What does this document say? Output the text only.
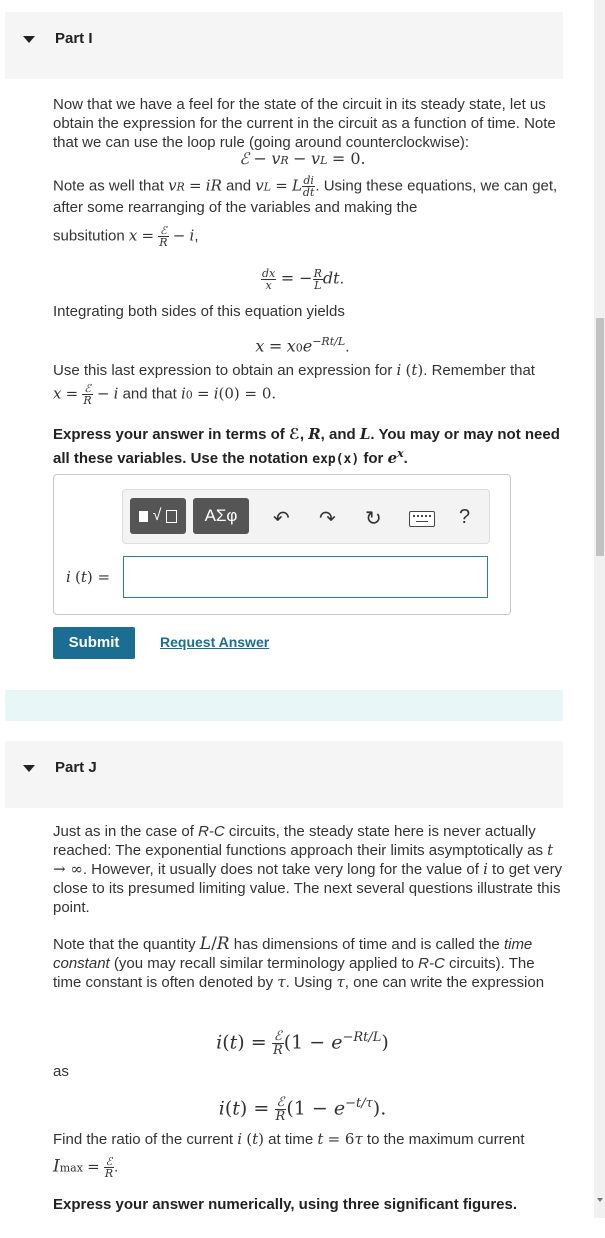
Part I
Now that we have a feel for the state of the circuit in its steady state, let us obtain the expression for the current in the circuit as a function of time. Note that we can use the loop rule (going around counterclockwise):
ℰ − vR − vL = 0.
Note as well that vR = iR and vL = L $\frac{di}{dt}$ . Using these equations, we can get, after some rearranging of the variables and making the
subsitution $x = \frac{\text{ℰ}}{R} - i$,
$\frac{dx}{x}$ = − $\frac{R}{L}$ dt.
Integrating both sides of this equation yields
$x = x0e^{-Rt/L}$.
Use this last expression to obtain an expression for i (t). Remember that
$x = \frac{\text{ℰ}}{R} - i$ and that i0 = i(0) = 0.
Express your answer in terms of ℰ, R, and L. You may or may not need all these variables. Use the notation exp(x) for $e^x$.
√	ΑΣφ	↶ ↷ ↻	?
i (t) =
Submit	Request Answer
Part J
Just as in the case of R-C circuits, the steady state here is never actually reached: The exponential functions approach their limits asymptotically as t → ∞. However, it usually does not take very long for the value of i to get very close to its presumed limiting value. The next several questions illustrate this point.
Note that the quantity L/R has dimensions of time and is called the time constant (you may recall similar terminology applied to R-C circuits). The time constant is often denoted by τ. Using τ, one can write the expression
$i(t) = \frac{\text{ℰ}}{R} (1 - e^{-Rt/L})$
as
$i(t) = \frac{\text{ℰ}}{R} (1 - e^{-t/\tau})$.
Find the ratio of the current i (t) at time t = 6τ to the maximum current
$Imax = \frac{\text{ℰ}}{R}$ .
Express your answer numerically, using three significant figures.
